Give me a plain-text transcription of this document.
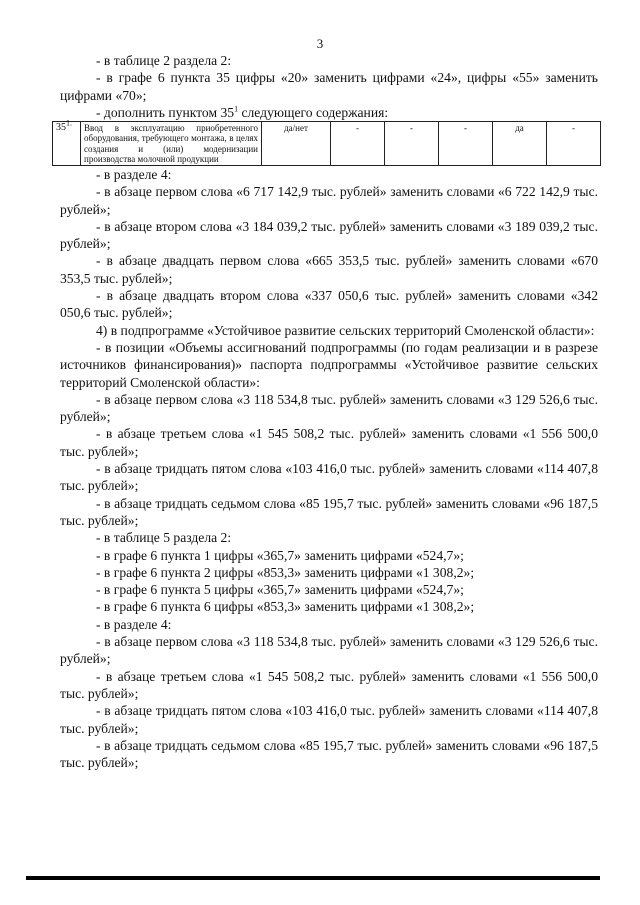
3

- в таблице 2 раздела 2:

- в графе 6 пункта 35 цифры «20» заменить цифрами «24», цифры «55» заменить цифрами «70»;

- дополнить пунктом $35^1$ следующего содержания:

$35^{1.}$	Ввод в эксплуатацию приобретенного оборудования, требующего монтажа, в целях создания и (или) модернизации производства молочной продукции	да/нет	-	-	-	да	-

- в разделе 4:

- в абзаце первом слова «6 717 142,9 тыс. рублей» заменить словами «6 722 142,9 тыс. рублей»;

- в абзаце втором слова «3 184 039,2 тыс. рублей» заменить словами «3 189 039,2 тыс. рублей»;

- в абзаце двадцать первом слова «665 353,5 тыс. рублей» заменить словами «670 353,5 тыс. рублей»;

- в абзаце двадцать втором слова «337 050,6 тыс. рублей» заменить словами «342 050,6 тыс. рублей»;

4) в подпрограмме «Устойчивое развитие сельских территорий Смоленской области»:

- в позиции «Объемы ассигнований подпрограммы (по годам реализации и в разрезе источников финансирования)» паспорта подпрограммы «Устойчивое развитие сельских территорий Смоленской области»:

- в абзаце первом слова «3 118 534,8 тыс. рублей» заменить словами «3 129 526,6 тыс. рублей»;

- в абзаце третьем слова «1 545 508,2 тыс. рублей» заменить словами «1 556 500,0 тыс. рублей»;

- в абзаце тридцать пятом слова «103 416,0 тыс. рублей» заменить словами «114 407,8 тыс. рублей»;

- в абзаце тридцать седьмом слова «85 195,7 тыс. рублей» заменить словами «96 187,5 тыс. рублей»;

- в таблице 5 раздела 2:

- в графе 6 пункта 1 цифры «365,7» заменить цифрами «524,7»;

- в графе 6 пункта 2 цифры «853,3» заменить цифрами «1 308,2»;

- в графе 6 пункта 5 цифры «365,7» заменить цифрами «524,7»;

- в графе 6 пункта 6 цифры «853,3» заменить цифрами «1 308,2»;

- в разделе 4:

- в абзаце первом слова «3 118 534,8 тыс. рублей» заменить словами «3 129 526,6 тыс. рублей»;

- в абзаце третьем слова «1 545 508,2 тыс. рублей» заменить словами «1 556 500,0 тыс. рублей»;

- в абзаце тридцать пятом слова «103 416,0 тыс. рублей» заменить словами «114 407,8 тыс. рублей»;

- в абзаце тридцать седьмом слова «85 195,7 тыс. рублей» заменить словами «96 187,5 тыс. рублей»;
